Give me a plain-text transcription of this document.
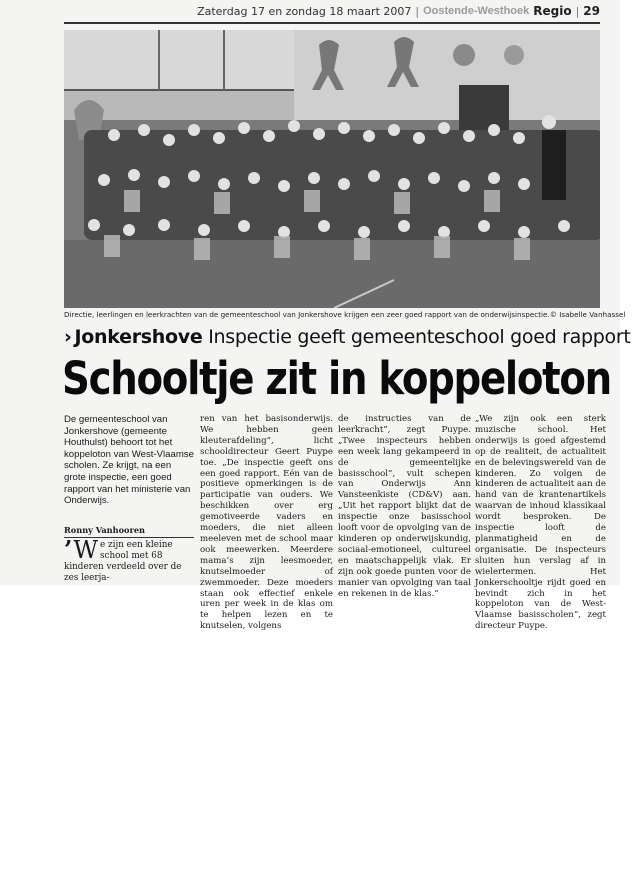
Zaterdag 17 en zondag 18 maart 2007 | Oostende-Westhoek Regio | 29
Directie, leerlingen en leerkrachten van de gemeenteschool van Jonkershove krijgen een zeer goed rapport van de onderwijsinspectie. © Isabelle Vanhassel
› Jonkershove Inspectie geeft gemeenteschool goed rapport
Schooltje zit in koppeloton

De gemeenteschool van Jonkershove (gemeente Houthulst) behoort tot het koppeloton van West-Vlaamse scholen. Ze krijgt, na een grote inspectie, een goed rapport van het ministerie van Onderwijs.

Ronny Vanhooren
’ W e zijn een kleine school met 68 kinderen verdeeld over de zes leerja-

ren van het basisonderwijs. We hebben geen kleuterafdeling”, licht schooldirecteur Geert Puype toe. „De inspectie geeft ons een goed rapport. Eén van de positieve opmerkingen is de participatie van ouders. We beschikken over erg gemotiveerde vaders en moeders, die niet alleen meeleven met de school maar ook meewerken. Meerdere mama’s zijn leesmoeder, knutselmoeder of zwemmoeder. Deze moeders staan ook effectief enkele uren per week in de klas om te helpen lezen en te knutselen, volgens

de instructies van de leerkracht”, zegt Puype. „Twee inspecteurs hebben een week lang gekampeerd in de gemeentelijke basisschool”, vult schepen van Onderwijs Ann Vansteenkiste (CD&V) aan. „Uit het rapport blijkt dat de inspectie onze basisschool looft voor de opvolging van de kinderen op onderwijskundig, sociaal-emotioneel, cultureel en maatschappelijk vlak. Er zijn ook goede punten voor de manier van opvolging van taal en rekenen in de klas.”

„We zijn ook een sterk muzische school. Het onderwijs is goed afgestemd op de realiteit, de actualiteit en de belevingswereld van de kinderen. Zo volgen de kinderen de actualiteit aan de hand van de krantenartikels waarvan de inhoud klassikaal wordt besproken. De inspectie looft de planmatigheid en de organisatie. De inspecteurs sluiten hun verslag af in wielertermen. Het Jonkerschooltje rijdt goed en bevindt zich in het koppeloton van de West-Vlaamse basisscholen”, zegt directeur Puype.
